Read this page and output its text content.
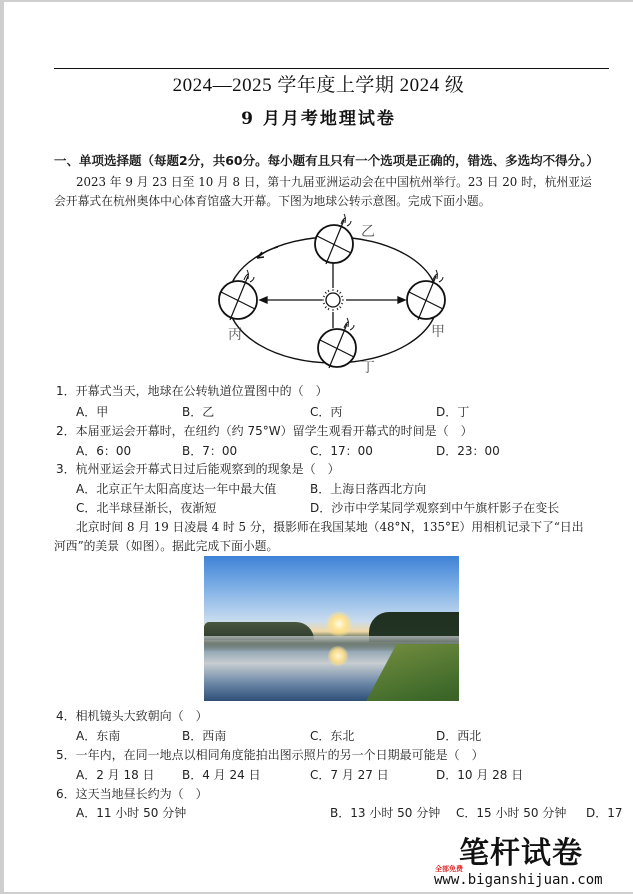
2024—2025 学年度上学期 2024 级
9 月月考地理试卷
一、单项选择题（每题2分，共60分。每小题有且只有一个选项是正确的，错选、多选均不得分。）
2023 年 9 月 23 日至 10 月 8 日，第十九届亚洲运动会在中国杭州举行。23 日 20 时，杭州亚运
会开幕式在杭州奥体中心体育馆盛大开幕。下图为地球公转示意图。完成下面小题。
乙
丙	甲
丁
1．开幕式当天，地球在公转轨道位置图中的（　）
A．甲	B．乙	C．丙	D．丁
2．本届亚运会开幕时，在纽约（约 75°W）留学生观看开幕式的时间是（　）
A．6：00	B．7：00	C．17：00	D．23：00
3．杭州亚运会开幕式日过后能观察到的现象是（　）
A．北京正午太阳高度达一年中最大值	B．上海日落西北方向
C．北半球昼渐长，夜渐短	D．沙市中学某同学观察到中午旗杆影子在变长
北京时间 8 月 19 日凌晨 4 时 5 分，摄影师在我国某地（48°N，135°E）用相机记录下了“日出
河西”的美景（如图）。据此完成下面小题。
4．相机镜头大致朝向（　）
A．东南	B．西南	C．东北	D．西北
5．一年内，在同一地点以相同角度能拍出图示照片的另一个日期最可能是（　）
A．2 月 18 日 B．4 月 24 日	C．7 月 27 日	D．10 月 28 日
6．这天当地昼长约为（　）
A．11 小时 50 分钟	B．13 小时 50 分钟 C．15 小时 50 分钟 D．17
笔杆试卷
全部免费
www.biganshijuan.com
